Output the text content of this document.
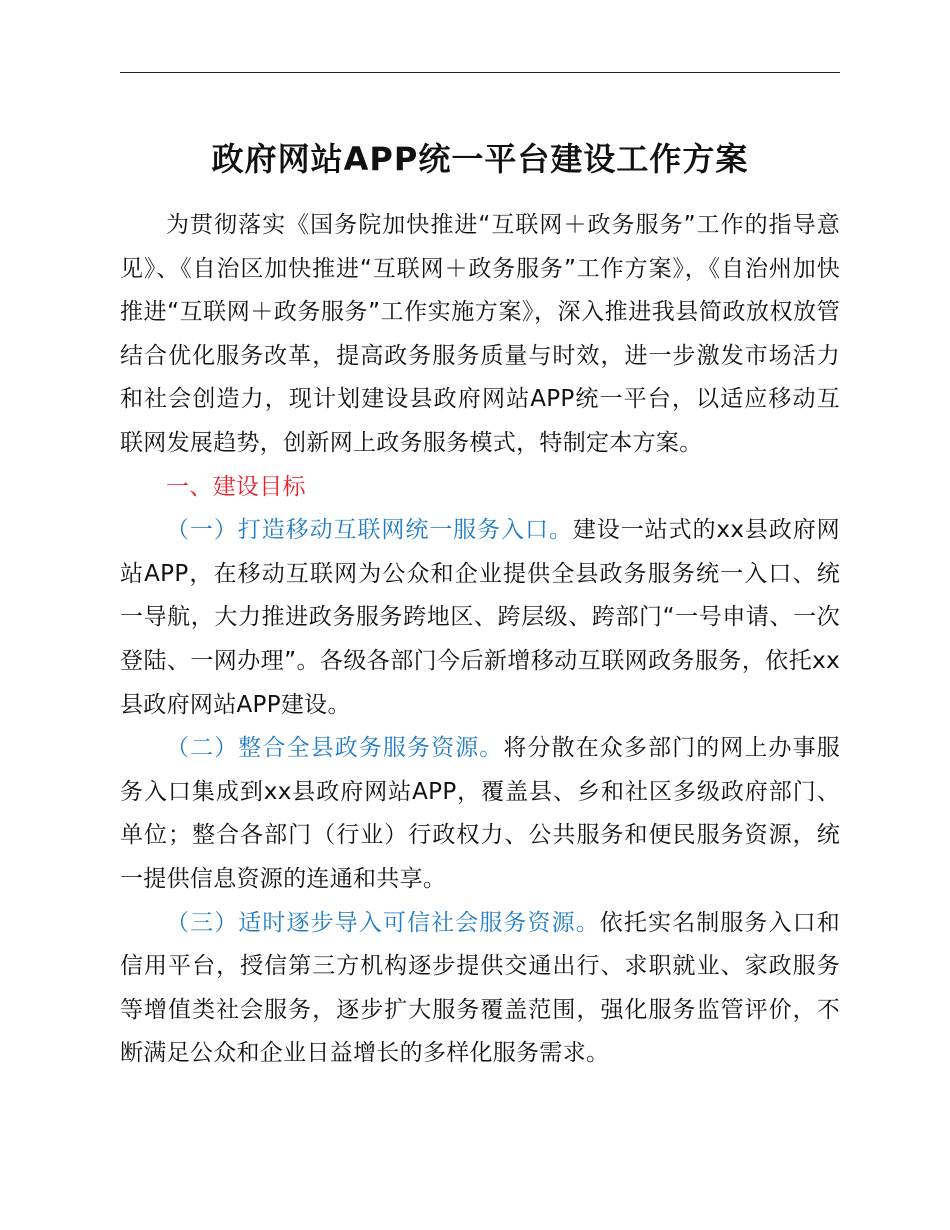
政府网站APP统一平台建设工作方案

为贯彻落实《国务院加快推进“互联网＋政务服务”工作的指导意见》、《自治区加快推进“互联网＋政务服务”工作方案》，《自治州加快推进“互联网＋政务服务”工作实施方案》，深入推进我县简政放权放管结合优化服务改革，提高政务服务质量与时效，进一步激发市场活力和社会创造力，现计划建设县政府网站APP统一平台，以适应移动互联网发展趋势，创新网上政务服务模式，特制定本方案。

一、建设目标

（一）打造移动互联网统一服务入口。建设一站式的xx县政府网站APP，在移动互联网为公众和企业提供全县政务服务统一入口、统一导航，大力推进政务服务跨地区、跨层级、跨部门“一号申请、一次登陆、一网办理”。各级各部门今后新增移动互联网政务服务，依托xx县政府网站APP建设。

（二）整合全县政务服务资源。将分散在众多部门的网上办事服务入口集成到xx县政府网站APP，覆盖县、乡和社区多级政府部门、单位；整合各部门（行业）行政权力、公共服务和便民服务资源，统一提供信息资源的连通和共享。

（三）适时逐步导入可信社会服务资源。依托实名制服务入口和信用平台，授信第三方机构逐步提供交通出行、求职就业、家政服务等增值类社会服务，逐步扩大服务覆盖范围，强化服务监管评价，不断满足公众和企业日益增长的多样化服务需求。
